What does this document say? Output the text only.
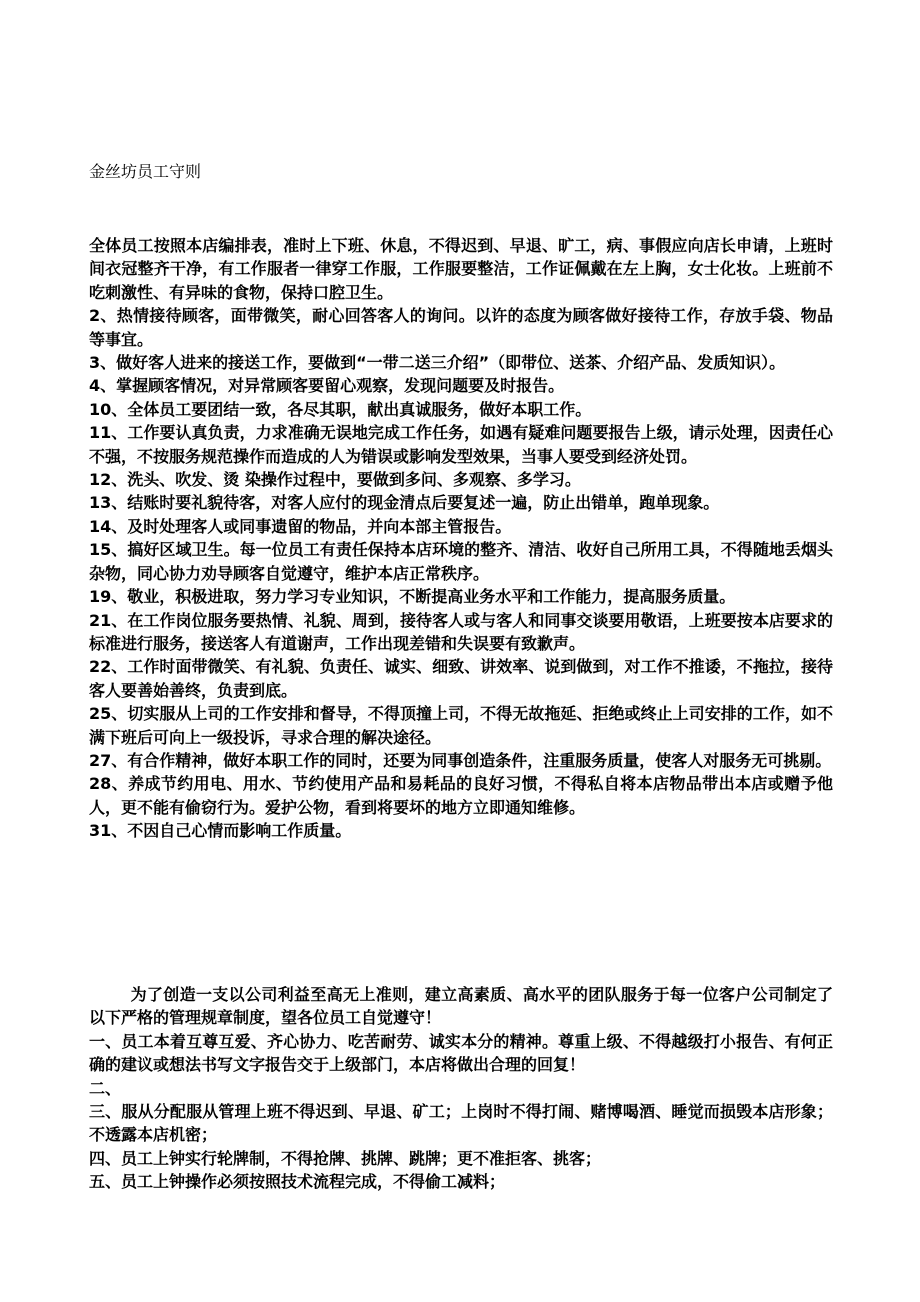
金丝坊员工守则

全体员工按照本店编排表，准时上下班、休息，不得迟到、早退、旷工，病、事假应向店长申请，上班时间衣冠整齐干净，有工作服者一律穿工作服，工作服要整洁，工作证佩戴在左上胸，女士化妆。上班前不吃刺激性、有异味的食物，保持口腔卫生。

2、热情接待顾客，面带微笑，耐心回答客人的询问。以许的态度为顾客做好接待工作，存放手袋、物品等事宜。

3、做好客人进来的接送工作，要做到“一带二送三介绍”（即带位、送茶、介绍产品、发质知识）。

4、掌握顾客情况，对异常顾客要留心观察，发现问题要及时报告。

10、全体员工要团结一致，各尽其职，献出真诚服务，做好本职工作。

11、工作要认真负责，力求准确无误地完成工作任务，如遇有疑难问题要报告上级，请示处理，因责任心不强，不按服务规范操作而造成的人为错误或影响发型效果，当事人要受到经济处罚。

12、洗头、吹发、烫 染操作过程中，要做到多问、多观察、多学习。

13、结账时要礼貌待客，对客人应付的现金清点后要复述一遍，防止出错单，跑单现象。

14、及时处理客人或同事遗留的物品，并向本部主管报告。

15、搞好区域卫生。每一位员工有责任保持本店环境的整齐、清洁、收好自己所用工具，不得随地丢烟头杂物，同心协力劝导顾客自觉遵守，维护本店正常秩序。

19、敬业，积极进取，努力学习专业知识，不断提高业务水平和工作能力，提高服务质量。

21、在工作岗位服务要热情、礼貌、周到，接待客人或与客人和同事交谈要用敬语，上班要按本店要求的标准进行服务，接送客人有道谢声，工作出现差错和失误要有致歉声。

22、工作时面带微笑、有礼貌、负责任、诚实、细致、讲效率、说到做到，对工作不推诿，不拖拉，接待客人要善始善终，负责到底。

25、切实服从上司的工作安排和督导，不得顶撞上司，不得无故拖延、拒绝或终止上司安排的工作，如不满下班后可向上一级投诉，寻求合理的解决途径。

27、有合作精神，做好本职工作的同时，还要为同事创造条件，注重服务质量，使客人对服务无可挑剔。

28、养成节约用电、用水、节约使用产品和易耗品的良好习惯，不得私自将本店物品带出本店或赠予他人，更不能有偷窃行为。爱护公物，看到将要坏的地方立即通知维修。

31、不因自己心情而影响工作质量。

为了创造一支以公司利益至高无上准则，建立高素质、高水平的团队服务于每一位客户公司制定了以下严格的管理规章制度，望各位员工自觉遵守！

一、员工本着互尊互爱、齐心协力、吃苦耐劳、诚实本分的精神。尊重上级、不得越级打小报告、有何正确的建议或想法书写文字报告交于上级部门，本店将做出合理的回复！

二、

三、服从分配服从管理上班不得迟到、早退、矿工；上岗时不得打闹、赌博喝酒、睡觉而损毁本店形象； 不透露本店机密；

四、员工上钟实行轮牌制，不得抢牌、挑牌、跳牌；更不准拒客、挑客；

五、员工上钟操作必须按照技术流程完成，不得偷工减料；
